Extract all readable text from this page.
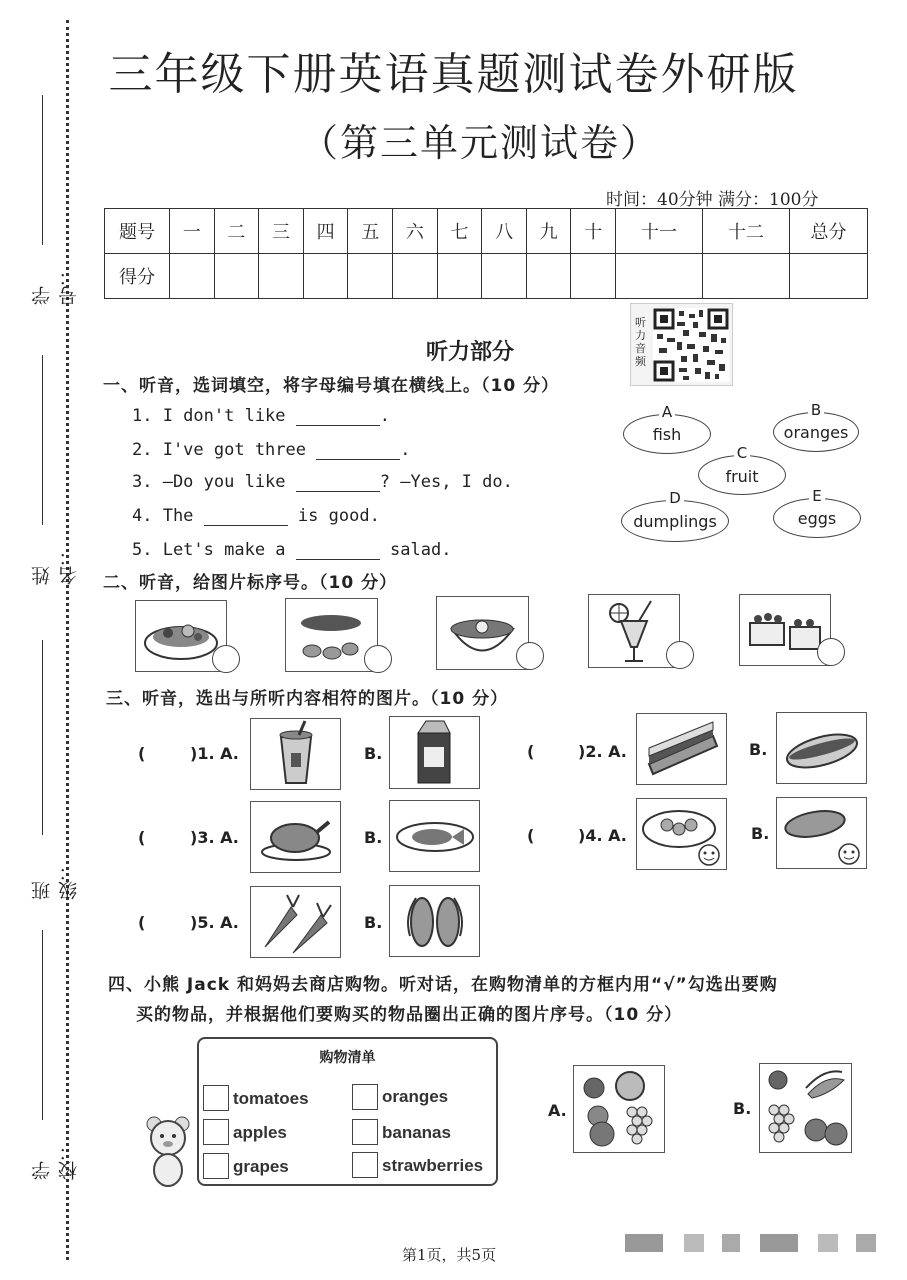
学号：
姓名：
班级：
学校：
三年级下册英语真题测试卷外研版
（第三单元测试卷）
时间：40分钟 满分：100分
题号	一	二	三	四	五	六	七	八	九	十	十一	十二	总分
得分													
听力部分
听力音频
一、听音，选词填空，将字母编号填在横线上。（10 分）
1. I don't like	.
2. I've got three	.
3. —Do you like	? —Yes, I do.
4. The	is good.
5. Let's make a	salad.
A
fish
B
oranges
C
fruit
D
dumplings
E
eggs
二、听音，给图片标序号。（10 分）
三、听音，选出与所听内容相符的图片。（10 分）
(	)1. A.	B.	(	)2. A.	B.
(	)3. A.	B.	(	)4. A.	B.
(	)5. A.	B.
四、小熊 Jack 和妈妈去商店购物。听对话，在购物清单的方框内用“√”勾选出要购
买的物品，并根据他们要购买的物品圈出正确的图片序号。（10 分）
购物清单
tomatoes	oranges
apples	bananas
grapes	strawberries
A.	B.
第1页，共5页
